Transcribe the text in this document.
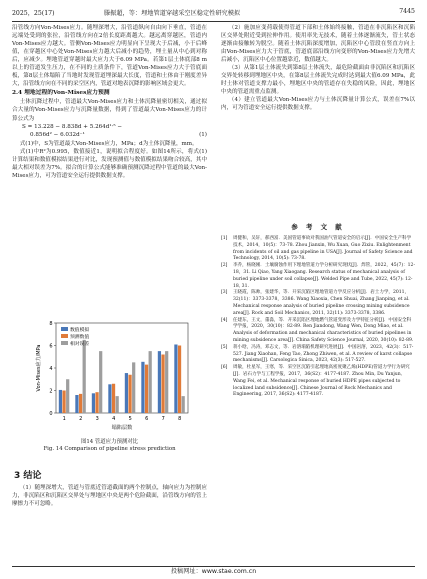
2025，25(17)	滕振超，等：埋地管道穿越采空区稳定性研究模拟	7445

沿管线方向Von-Mises应力。随埋深增大，沿管道纵向自由向下垂直，管道在远端处受到的张拉，沿管线方向在2倍长度距离越大。越远离穿越区，管道内Von-Mises应力越大。管侧Von-Mises应力明显向下呈现大于后减，小于后峰值，在穿越区中心处Von-Mises应力越大后减小的趋势，埋土量从中心到对称后，应减少。埋地管道穿越时最大应力大于6.09 MPa。若第1层土体底部8 m以上的管道发生压力，在不同的土质条件下，管道Von-Mises应力大于管底面板，第8层土体塌陷了当地时发现管道埋深最大长度，管道和土体由于刚度差异大，沿管线方向在不同的采空区内，管道对地表沉降的影响区域会更大。

2.4 埋地过程的Von-Mises应力预测

土体沉降过程中，管道最大Von-Mises应力和土体沉降量密切相关，通过拟合大量的Von-Mises应力与沉降量数据，得到了管道最大Von-Mises应力的计算公式为

S = 13.228 − 8.838d + 5.264d¹·⁵ −
0.856d² − 6.032d⁻¹	(1)

式(1)中，S为管道最大Von-Mises应力，MPa；d为土体沉降量，mm。

式(1)中R²为0.995，数值接近1，说明拟合程度好。如图14所示，将式(1)计算结果和数值模拟结果进行对比，发现预测值与数值模拟结果吻合较高，其中最大相对误差为7%。拟合的计算公式能够准确预测沉降过程中管道的最大Von-Mises应力，可为管道安全运行提供数据支撑。

0
2
4
6
8
1	2	3	4	5	6	7	8
塌陷层数
Von-Mises应力/MPa
数值模拟
预测数值
相对误差
图14 管道应力预测对比
Fig. 14 Comparison of pipeline stress prediction
3 结论

（1）随埋深增大，管道与管底近管道截面的两个控制点，轴向应力为控制应力，非沉陷区和沉陷区交界处与埋地区中央是两个危险截面，沿管线方向的管上摩擦力不可忽略。

（2）施加应变荷载使得管道下部和土体始终接触，管道在非沉陷区和沉陷区交界处附近受到拉伸作用。使用率先无技术，随着土体逐渐流失，管土状态逐渐由接触转为脱空。随着土体沉陷深度增加，沉陷区中心管段在竖直方向上由Von-Mises应力大于管底，管道底部沿线方向变形的Von-Mises应力先增大后减小，沉陷区中心位置越靠近，数值越大。

（3）从第1层土体流失到第8层土体流失，最危险截面由非沉陷区和沉陷区交界处转移到埋地区中央，在第8层土体流失完成时达到最大值6.09 MPa，此时土体对管道支撑力最小，埋地区中央的管道存在失稳的风险，因此，埋地区中央的管道需重点监测。

（4）建立管道最大Von-Mises应力与土体沉降量计算公式，误差在7%以内，可为管道安全运行提供数据支撑。

参 考 文 献
[1] 周健和，吴轩，郝西富．美国管道事故对我国油气管道安全的启示[J]．中国安全生产科学技术，2014，10(5)：73-78. Zhou Jianxin, Wu Xuan, Guo Zixiu. Enlightenment from incidents of oil and gas pipeline in USA[J]. Journal of Safety Science and Technology, 2014, 10(5): 73-78.
[2] 李乔，杨晓刚．土壤腐蚀作用下埋地管道力学分析研究现状[J]．焊管，2022，45(7)：12-18，31. Li Qiao, Yang Xiaogang. Research status of mechanical analysis of buried pipeline under soil collapse[J]. Welded Pipe and Tube, 2022, 45(7): 12-18, 31.
[3] 王晓霞，陈帅，张建华，等．开采沉陷区埋地管道力学反应分析[J]．岩土力学，2011，32(11)：3373-3378，3386. Wang Xiaoxia, Chen Shuai, Zhang Jianping, et al. Mechanical response analysis of buried pipeline crossing mining subsidence area[J]. Rock and Soil Mechanics, 2011, 32(11): 3373-3378, 3386.
[4] 任建东，王文，董淼，等．开采沉陷区埋地燃气管道变形及力学特征分析[J]．中国安全科学学报，2020，30(10)：82-89. Ren Jiandong, Wang Wen, Dong Miao, et al. Analysis of deformation and mechanical characteristics of buried pipelines in mining subsidence area[J]. China Safety Science Journal, 2020, 30(10): 82-89.
[5] 蒋小晗，冯涛，邓志文，等．岩溶塌陷机理研究进展[J]．中国岩溶，2023，42(3)：517-527. Jiang Xiaohan, Feng Tao, Zhong Zhiwen, et al. A review of karst collapse mechanisms[J]. Carsologica Sinica, 2023, 42(3): 517-527.
[6] 周敏，杜星军，王寒，等．采空区沉陷引起埋地高密度聚乙烯(HDPE)管道力学行为研究[J]．岩石力学与工程学报，2017，36(S2)：4177-4187. Zhou Min, Du Yanjun, Wang Fei, et al. Mechanical response of buried HDPE pipes subjected to localized land subsidence[J]. Chinese Journal of Rock Mechanics and Engineering, 2017, 36(S2): 4177-4187.
投稿网址：www.stae.com.cn
